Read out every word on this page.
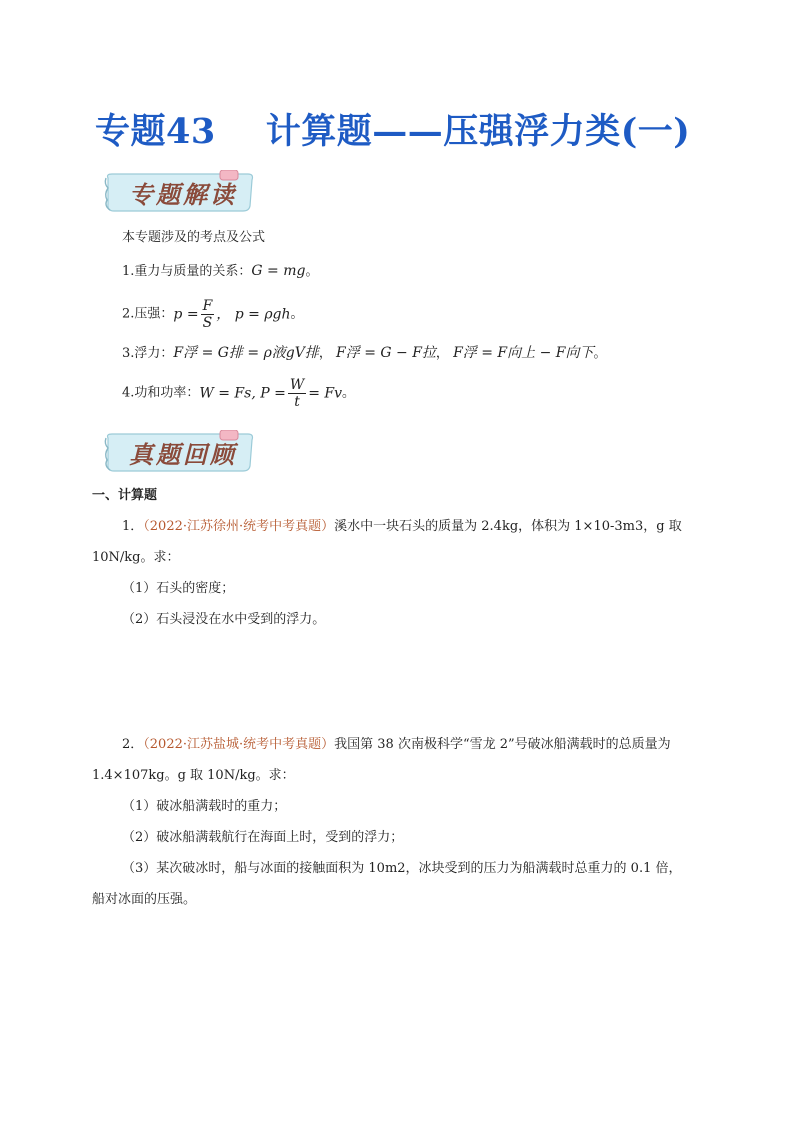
专题43 计算题——压强浮力类(一)
专题解读
本专题涉及的考点及公式
1.重力与质量的关系：G = mg。
2.压强：$p = \frac{F}{S}$ ， p = ρgh。
3.浮力：F浮 = G排 = ρ液gV排， F浮 = G − F拉， F浮 = F向上 − F向下。
4.功和功率：W = Fs, $P = \frac{W}{t} = Fv$。
真题回顾
一、计算题
1．（2022·江苏徐州·统考中考真题）溪水中一块石头的质量为 2.4kg，体积为 1×10-3m3，g 取
10N/kg。求：
（1）石头的密度；
（2）石头浸没在水中受到的浮力。
2．（2022·江苏盐城·统考中考真题）我国第 38 次南极科学“雪龙 2”号破冰船满载时的总质量为
1.4×107kg。g 取 10N/kg。求：
（1）破冰船满载时的重力；
（2）破冰船满载航行在海面上时，受到的浮力；
（3）某次破冰时，船与冰面的接触面积为 10m2，冰块受到的压力为船满载时总重力的 0.1 倍，
船对冰面的压强。
